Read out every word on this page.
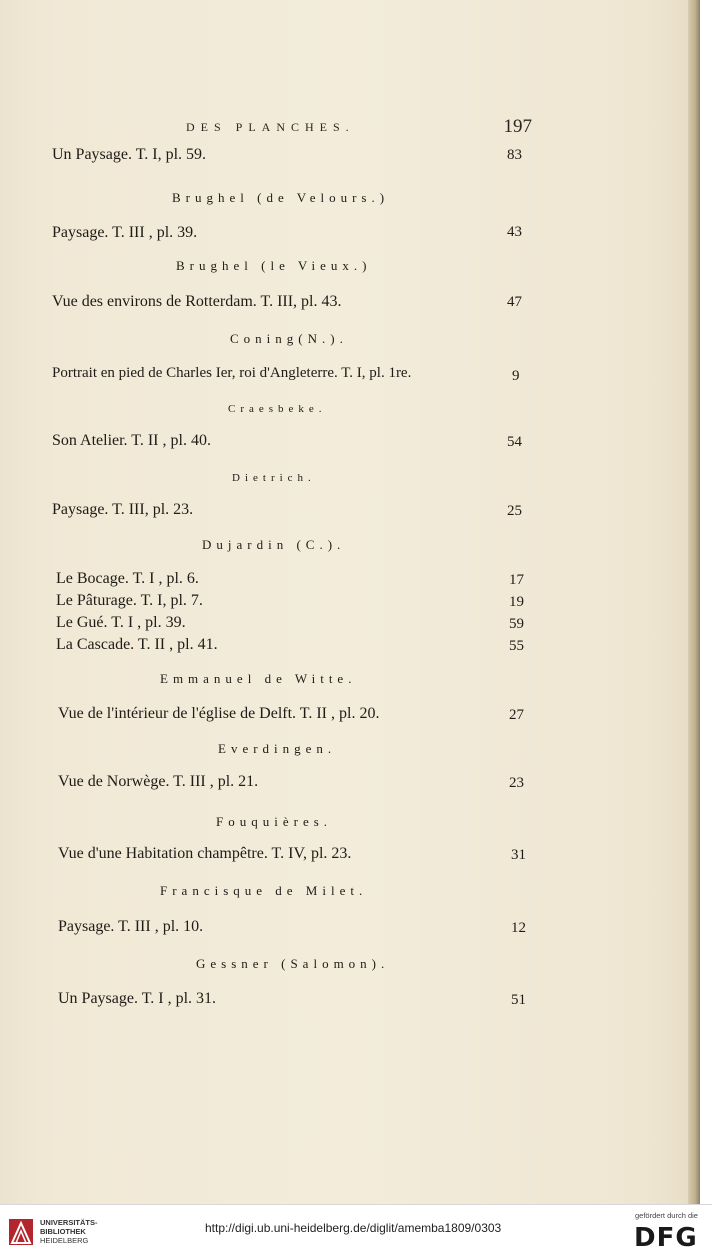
DES PLANCHES.	197
Un Paysage. T. I, pl. 59.	83
Brughel (de Velours.)
Paysage. T. III , pl. 39.	43
Brughel (le Vieux.)
Vue des environs de Rotterdam. T. III, pl. 43.	47
Coning(N.).
Portrait en pied de Charles Ier, roi d'Angleterre. T. I, pl. 1re.	9
Craesbeke.
Son Atelier. T. II , pl. 40.	54
Dietrich.
Paysage. T. III, pl. 23.	25
Dujardin (C.).
Le Bocage. T. I , pl. 6.	17
Le Pâturage. T. I, pl. 7.	19
Le Gué. T. I , pl. 39.	59
La Cascade. T. II , pl. 41.	55
Emmanuel de Witte.
Vue de l'intérieur de l'église de Delft. T. II , pl. 20.	27
Everdingen.
Vue de Norwège. T. III , pl. 21.	23
Fouquières.
Vue d'une Habitation champêtre. T. IV, pl. 23.	31
Francisque de Milet.
Paysage. T. III , pl. 10.	12
Gessner (Salomon).
Un Paysage. T. I , pl. 31.	51
UNIVERSITÄTS-
BIBLIOTHEK
HEIDELBERG
http://digi.ub.uni-heidelberg.de/diglit/amemba1809/0303
gefördert durch die
DFG
